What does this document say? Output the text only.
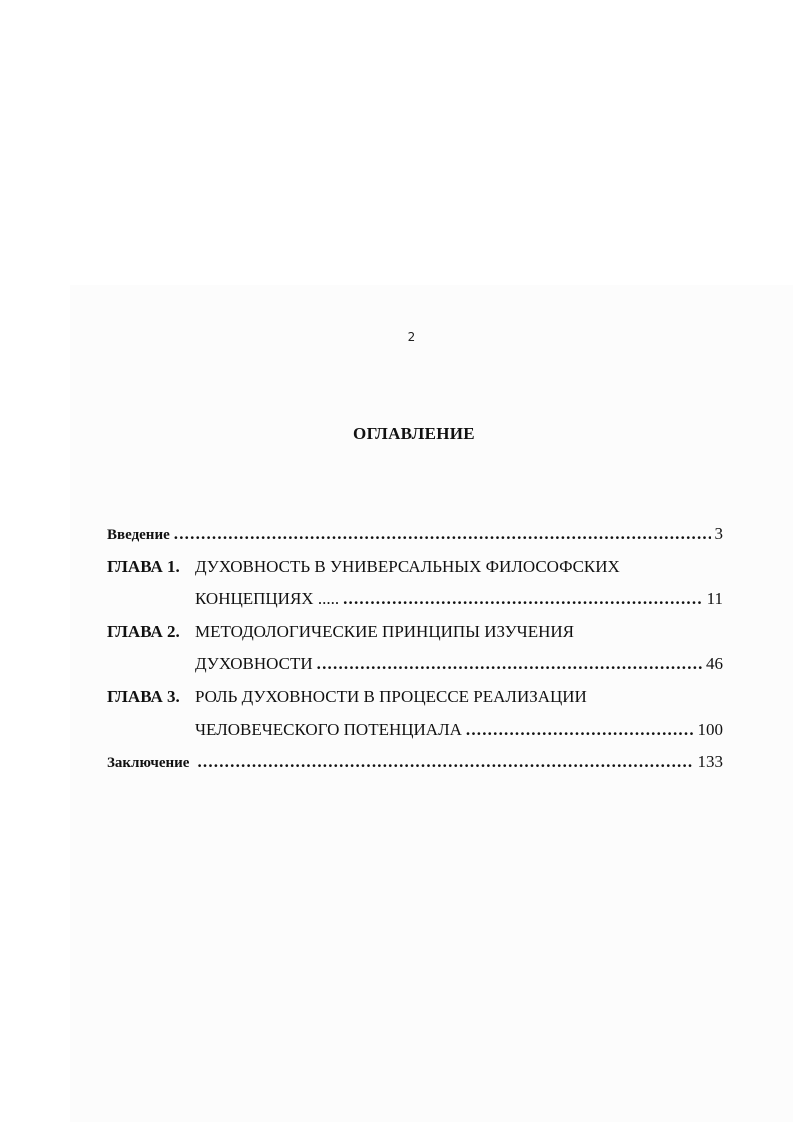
2
ОГЛАВЛЕНИЕ
Введение .....	3
ГЛАВА 1. ДУХОВНОСТЬ В УНИВЕРСАЛЬНЫХ ФИЛОСОФСКИХ
КОНЦЕПЦИЯХ ..... .....	11
ГЛАВА 2. МЕТОДОЛОГИЧЕСКИЕ ПРИНЦИПЫ ИЗУЧЕНИЯ
ДУХОВНОСТИ .....	46
ГЛАВА 3. РОЛЬ ДУХОВНОСТИ В ПРОЦЕССЕ РЕАЛИЗАЦИИ
ЧЕЛОВЕЧЕСКОГО ПОТЕНЦИАЛА .....	100
Заключение .....	133
